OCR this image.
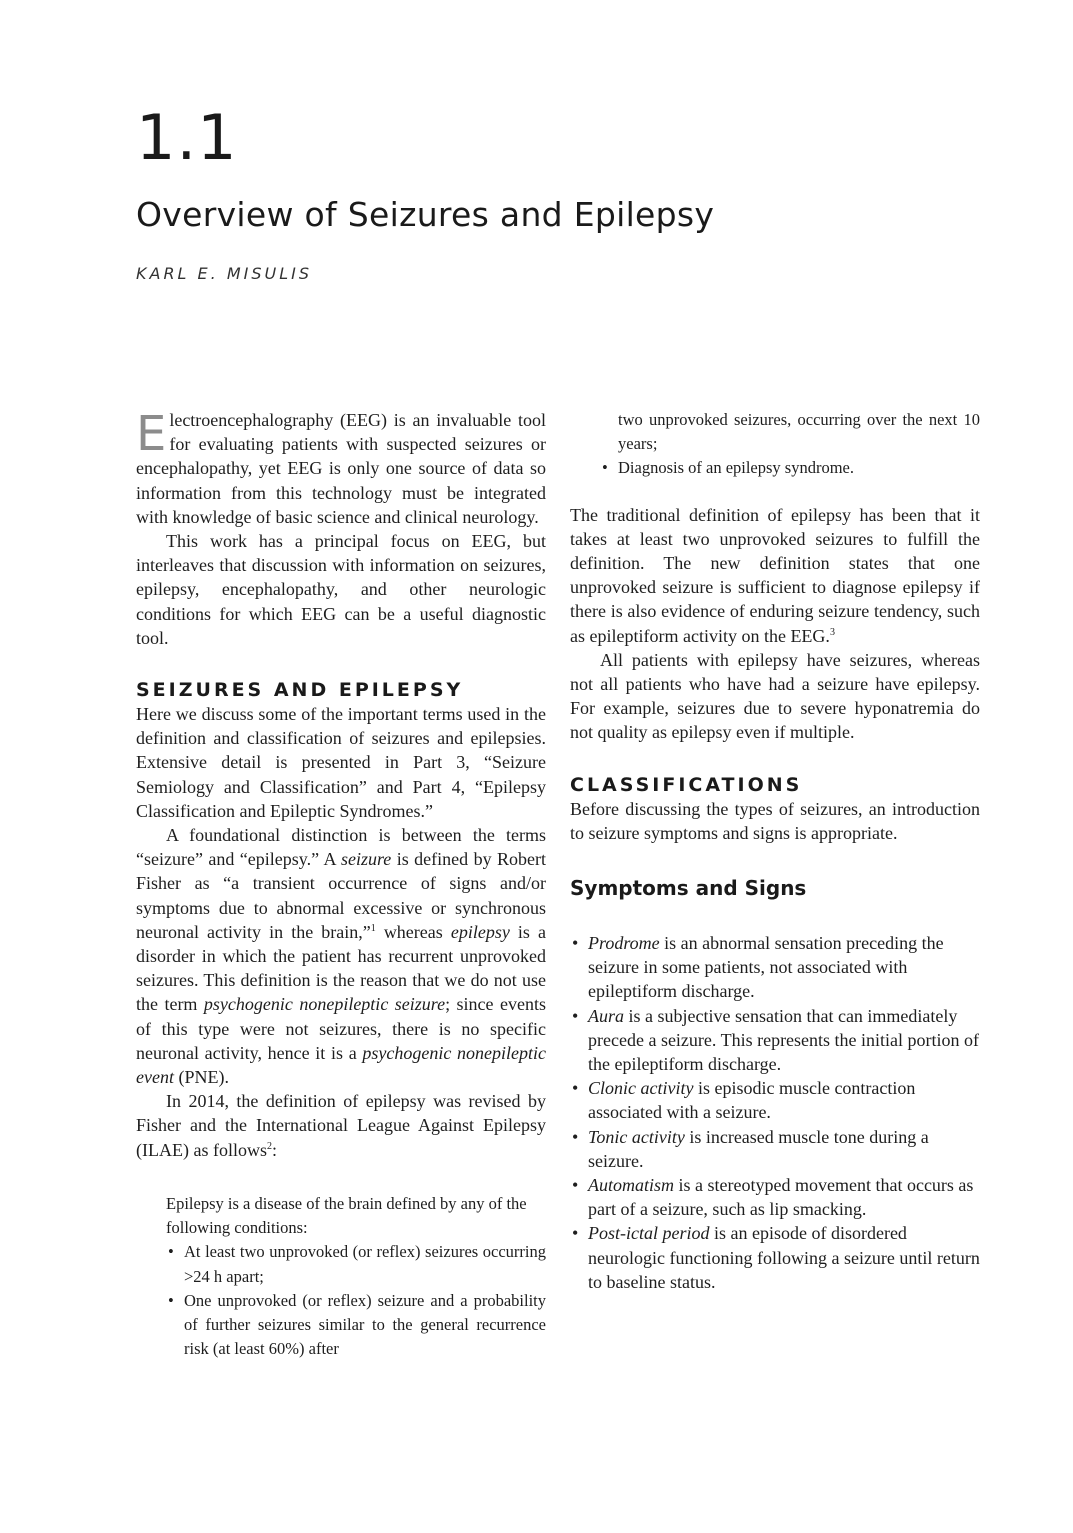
1.1
Overview of Seizures and Epilepsy
KARL E. MISULIS

Electroencephalography (EEG) is an invaluable tool for evaluating patients with suspected seizures or encephalopathy, yet EEG is only one source of data so information from this technology must be integrated with knowledge of basic science and clinical neurology.

This work has a principal focus on EEG, but interleaves that discussion with information on seizures, epilepsy, encephalopathy, and other neurologic conditions for which EEG can be a useful diagnostic tool.

SEIZURES AND EPILEPSY

Here we discuss some of the important terms used in the definition and classification of seizures and epilepsies. Extensive detail is presented in Part 3, “Seizure Semiology and Classification” and Part 4, “Epilepsy Classification and Epileptic Syndromes.”

A foundational distinction is between the terms “seizure” and “epilepsy.” A seizure is defined by Robert Fisher as “a transient occurrence of signs and/or symptoms due to abnormal excessive or synchronous neuronal activity in the brain,”$^1$ whereas epilepsy is a disorder in which the patient has recurrent unprovoked seizures. This definition is the reason that we do not use the term psychogenic nonepileptic seizure; since events of this type were not seizures, there is no specific neuronal activity, hence it is a psychogenic nonepileptic event (PNE).

In 2014, the definition of epilepsy was revised by Fisher and the International League Against Epilepsy (ILAE) as follows$^2$:

Epilepsy is a disease of the brain defined by any of the following conditions:

• At least two unprovoked (or reflex) seizures occurring >24 h apart;
• One unprovoked (or reflex) seizure and a probability of further seizures similar to the general recurrence risk (at least 60%) after
two unprovoked seizures, occurring over the next 10 years;
• Diagnosis of an epilepsy syndrome.

The traditional definition of epilepsy has been that it takes at least two unprovoked seizures to fulfill the definition. The new definition states that one unprovoked seizure is sufficient to diagnose epilepsy if there is also evidence of enduring seizure tendency, such as epileptiform activity on the EEG.$^3$

All patients with epilepsy have seizures, whereas not all patients who have had a seizure have epilepsy. For example, seizures due to severe hyponatremia do not quality as epilepsy even if multiple.

CLASSIFICATIONS

Before discussing the types of seizures, an introduction to seizure symptoms and signs is appropriate.

Symptoms and Signs
• Prodrome is an abnormal sensation preceding the seizure in some patients, not associated with epileptiform discharge.
• Aura is a subjective sensation that can immediately precede a seizure. This represents the initial portion of the epileptiform discharge.
• Clonic activity is episodic muscle contraction associated with a seizure.
• Tonic activity is increased muscle tone during a seizure.
• Automatism is a stereotyped movement that occurs as part of a seizure, such as lip smacking.
• Post-ictal period is an episode of disordered neurologic functioning following a seizure until return to baseline status.
